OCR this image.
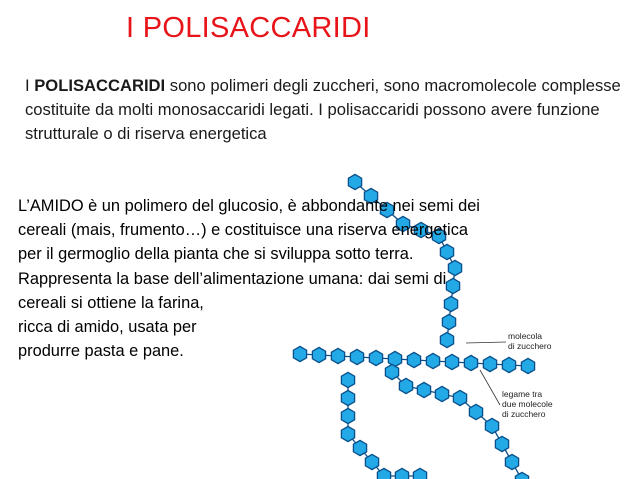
I POLISACCARIDI
I POLISACCARIDI sono polimeri degli zuccheri, sono macromolecole complesse costituite da molti monosaccaridi legati. I polisaccaridi possono avere funzione strutturale o di riserva energetica
molecola
di zucchero
legame tra
due molecole
di zucchero
L’AMIDO è un polimero del glucosio, è abbondante nei semi dei
cereali (mais, frumento…) e costituisce una riserva energetica
per il germoglio della pianta che si sviluppa sotto terra.
Rappresenta la base dell’alimentazione umana: dai semi di
cereali si ottiene la farina,
ricca di amido, usata per
produrre pasta e pane.
